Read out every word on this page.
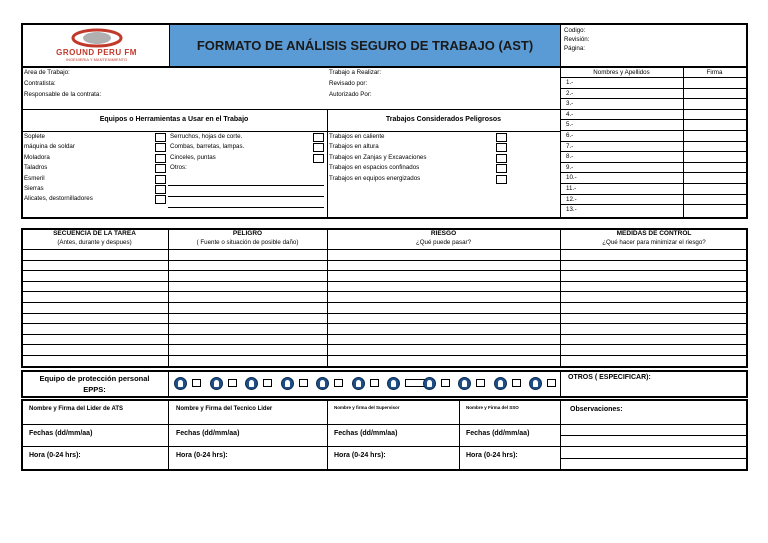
GROUND PERU FM
INGENIERIA Y MANTENIMIENTO
FORMATO DE ANÁLISIS SEGURO DE TRABAJO (AST)
Codigo:
Revisión:
Página:
Area de Trabajo:
Contratista:
Responsable de la contrata:
Trabajo a Realizar:
Revisado por:
Autorizado Por:
Nombres y Apellidos	Firma
1.-
2.-
3.-
4.-
5.-
6.-
7.-
8.-
9.-
10.-
11.-
12.-
13.-
Equipos o Herramientas a Usar en el Trabajo	Trabajos Considerados Peligrosos
Soplete
máquina de soldar
Moladora
Taladros
Esmeril
Sierras
Alicates, destornilladores
Serruchos, hojas de corte.
Combas, barretas, lampas.
Cinceles, puntas
Otros:
Trabajos en caliente
Trabajos en altura
Trabajos en Zanjas y Excavaciones
Trabajos en espacios confinados
Trabajos en equipos energizados
SECUENCIA DE LA TAREA
(Antes, durante y despues)
PELIGRO
( Fuente o situación de posible daño)
RIESGO
¿Qué puede pasar?
MEDIDAS DE CONTROL
¿Qué hacer para minimizar el riesgo?
Equipo de protección personal
EPPS:
OTROS ( ESPECIFICAR):
Nombre y Firma del Lider de ATS	Nombre y Firma del Tecnico Lider	Nombre y firma del Supervisor	Nombre y Firma del SSO	Observaciones:
Fechas (dd/mm/aa)	Fechas (dd/mm/aa)	Fechas (dd/mm/aa)	Fechas (dd/mm/aa)
Hora (0-24 hrs):	Hora (0-24 hrs):	Hora (0-24 hrs):	Hora (0-24 hrs):
